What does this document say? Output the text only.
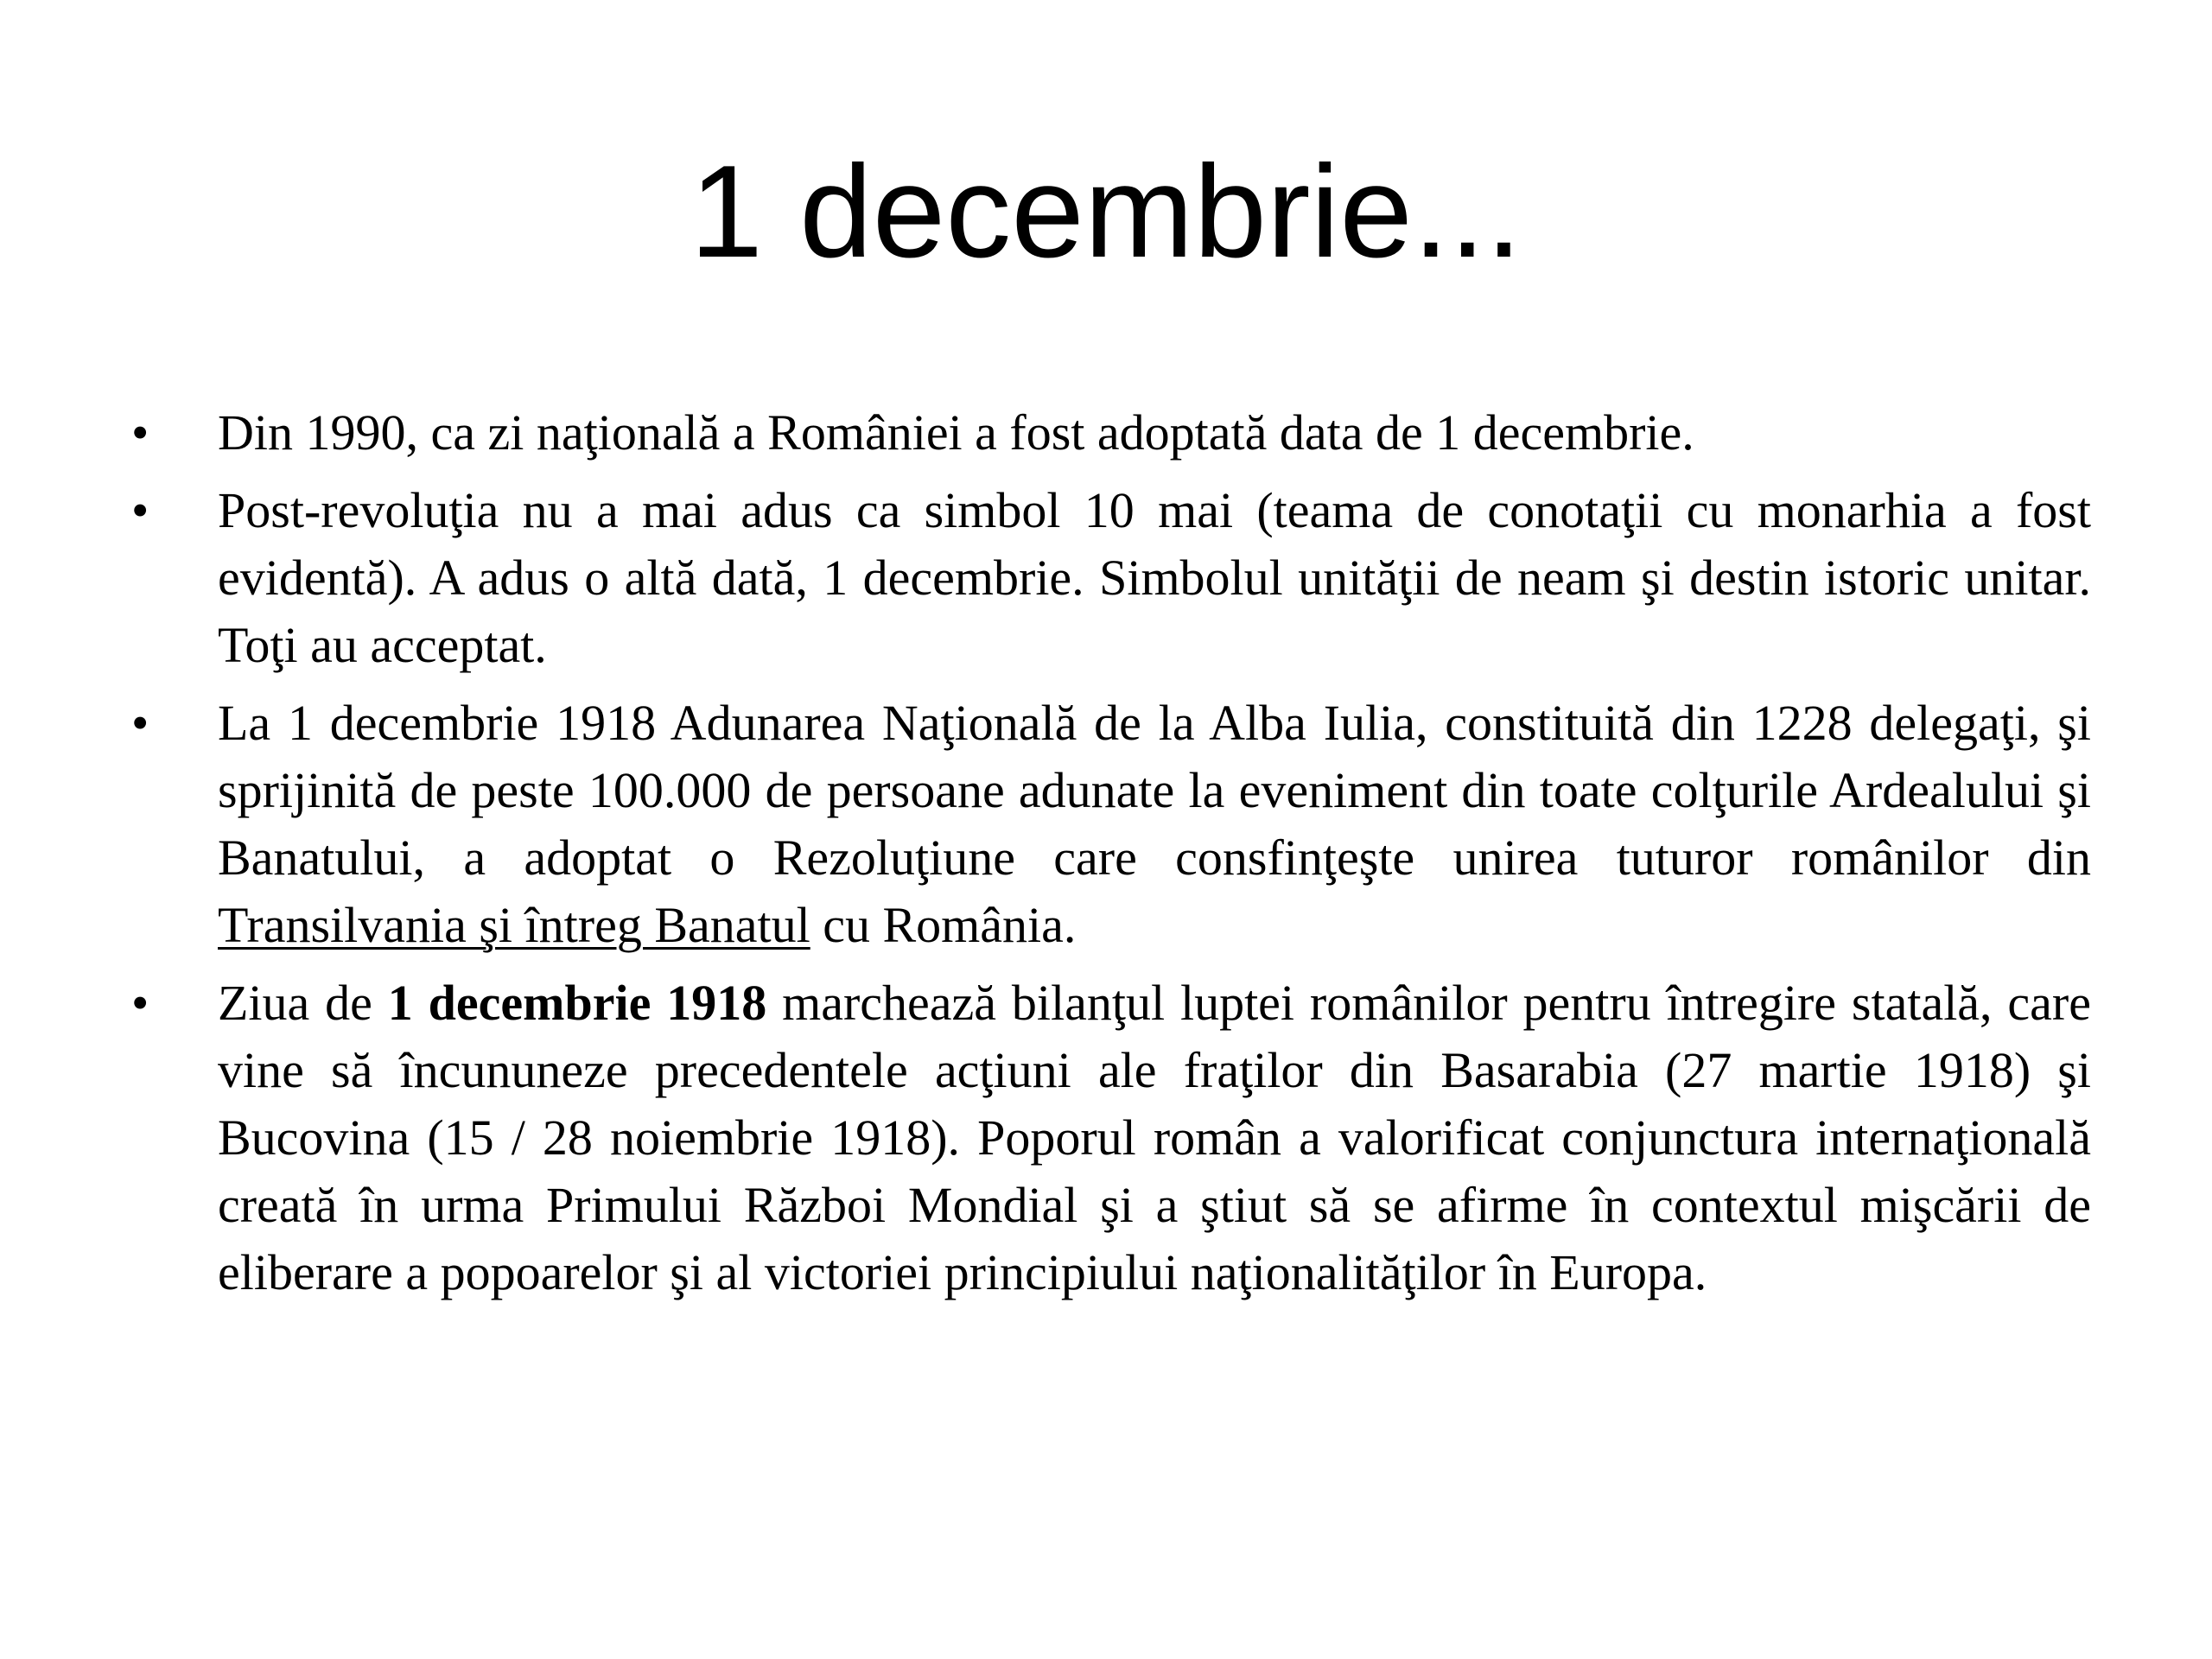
1 decembrie...
•	Din 1990, ca zi naţională a României a fost adoptată data de 1 decembrie.
•	Post-revoluţia nu a mai adus ca simbol 10 mai (teama de conotaţii cu monarhia a fost evidentă). A adus o altă dată, 1 decembrie. Simbolul unităţii de neam şi destin istoric unitar. Toţi au acceptat.
•	La 1 decembrie 1918 Adunarea Naţională de la Alba Iulia, constituită din 1228 delegaţi, şi sprijinită de peste 100.000 de persoane adunate la eveniment din toate colţurile Ardealului şi Banatului, a adoptat o Rezoluţiune care consfinţeşte unirea tuturor românilor din Transilvania şi întreg Banatul cu România.
•	Ziua de 1 decembrie 1918 marchează bilanţul luptei românilor pentru întregire statală, care vine să încununeze precedentele acţiuni ale fraţilor din Basarabia (27 martie 1918) şi Bucovina (15 / 28 noiembrie 1918). Poporul român a valorificat conjunctura internaţională creată în urma Primului Război Mondial şi a ştiut să se afirme în contextul mişcării de eliberare a popoarelor şi al victoriei principiului naţionalităţilor în Europa.
